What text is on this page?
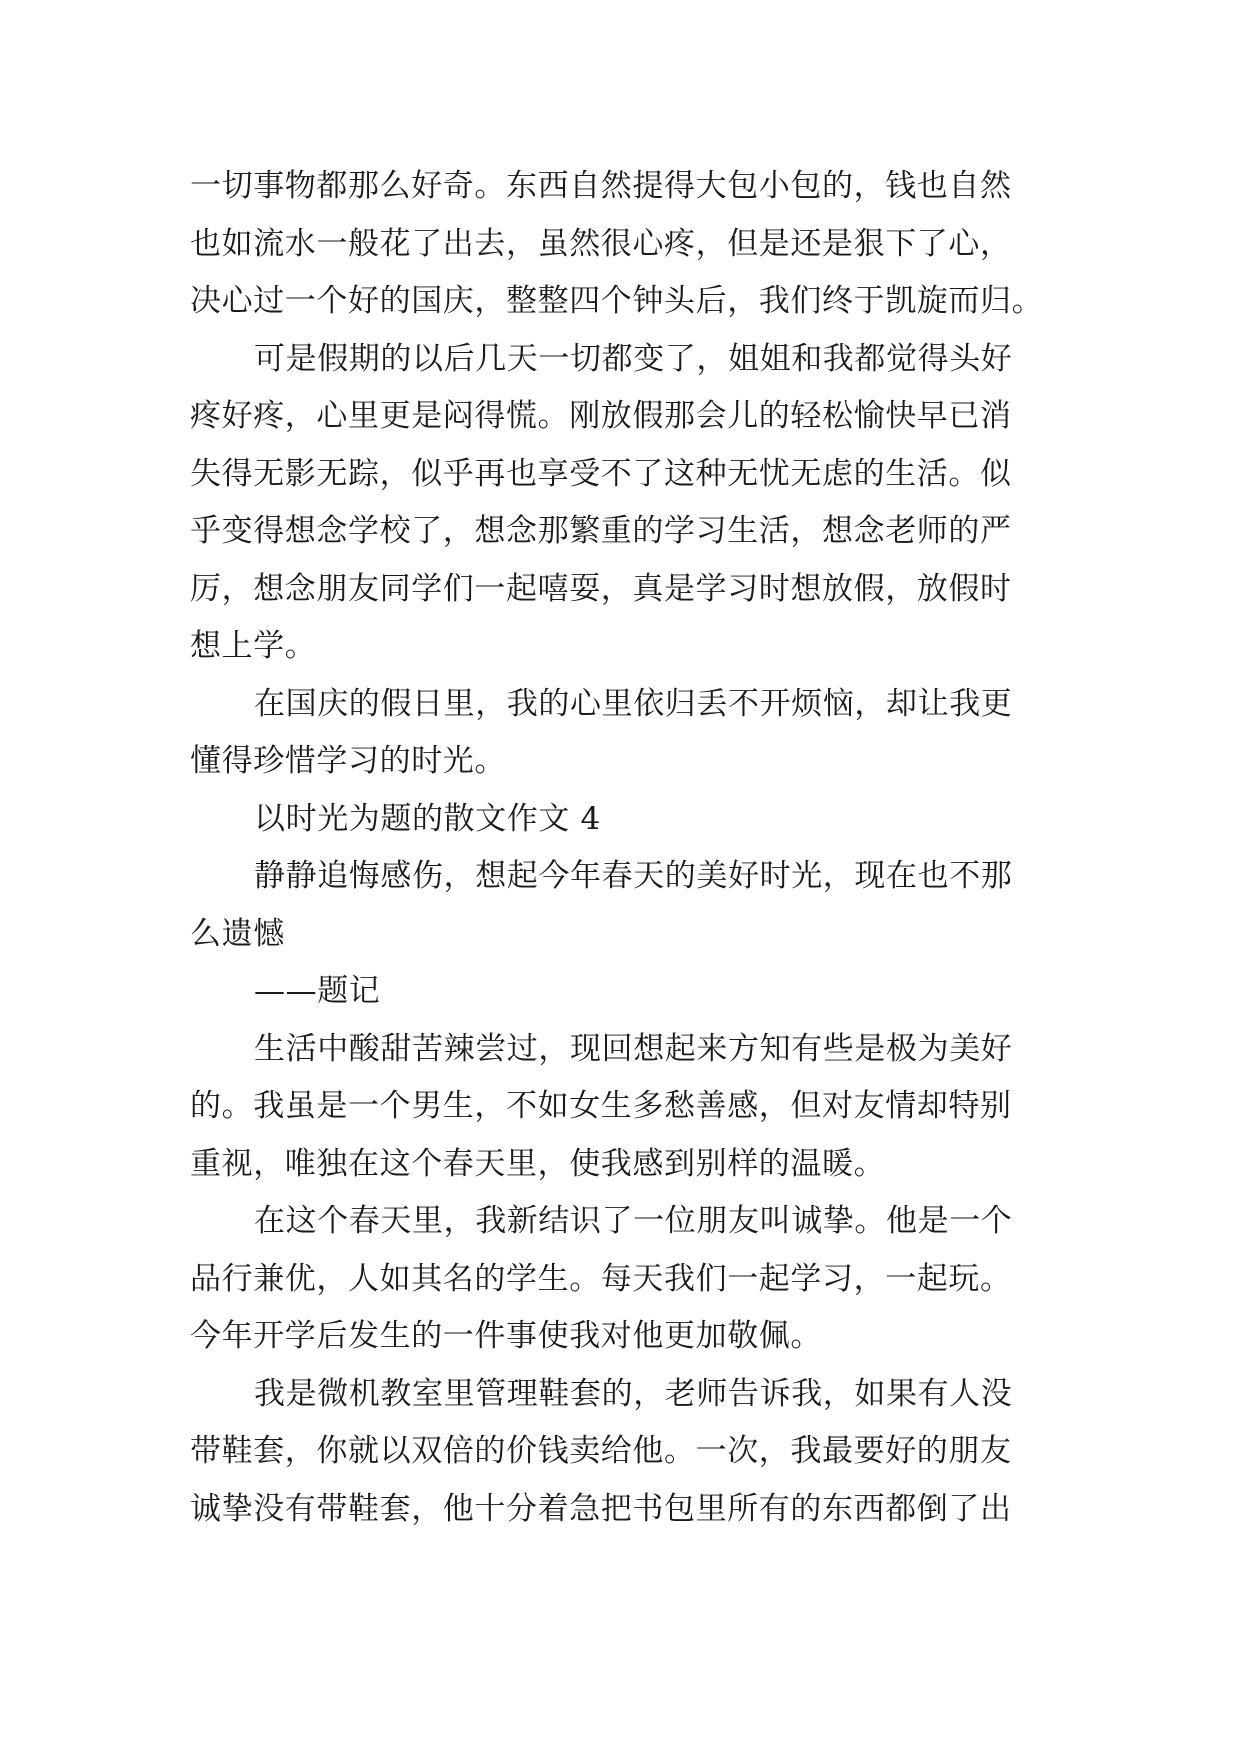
一切事物都那么好奇。东西自然提得大包小包的，钱也自然
也如流水一般花了出去，虽然很心疼，但是还是狠下了心，
决心过一个好的国庆，整整四个钟头后，我们终于凯旋而归。
可是假期的以后几天一切都变了，姐姐和我都觉得头好
疼好疼，心里更是闷得慌。刚放假那会儿的轻松愉快早已消
失得无影无踪，似乎再也享受不了这种无忧无虑的生活。似
乎变得想念学校了，想念那繁重的学习生活，想念老师的严
厉，想念朋友同学们一起嘻耍，真是学习时想放假，放假时
想上学。
在国庆的假日里，我的心里依归丢不开烦恼，却让我更
懂得珍惜学习的时光。
以时光为题的散文作文 4
静静追悔感伤，想起今年春天的美好时光，现在也不那
么遗憾
——题记
生活中酸甜苦辣尝过，现回想起来方知有些是极为美好
的。我虽是一个男生，不如女生多愁善感，但对友情却特别
重视，唯独在这个春天里，使我感到别样的温暖。
在这个春天里，我新结识了一位朋友叫诚挚。他是一个
品行兼优，人如其名的学生。每天我们一起学习，一起玩。
今年开学后发生的一件事使我对他更加敬佩。
我是微机教室里管理鞋套的，老师告诉我，如果有人没
带鞋套，你就以双倍的价钱卖给他。一次，我最要好的朋友
诚挚没有带鞋套，他十分着急把书包里所有的东西都倒了出
